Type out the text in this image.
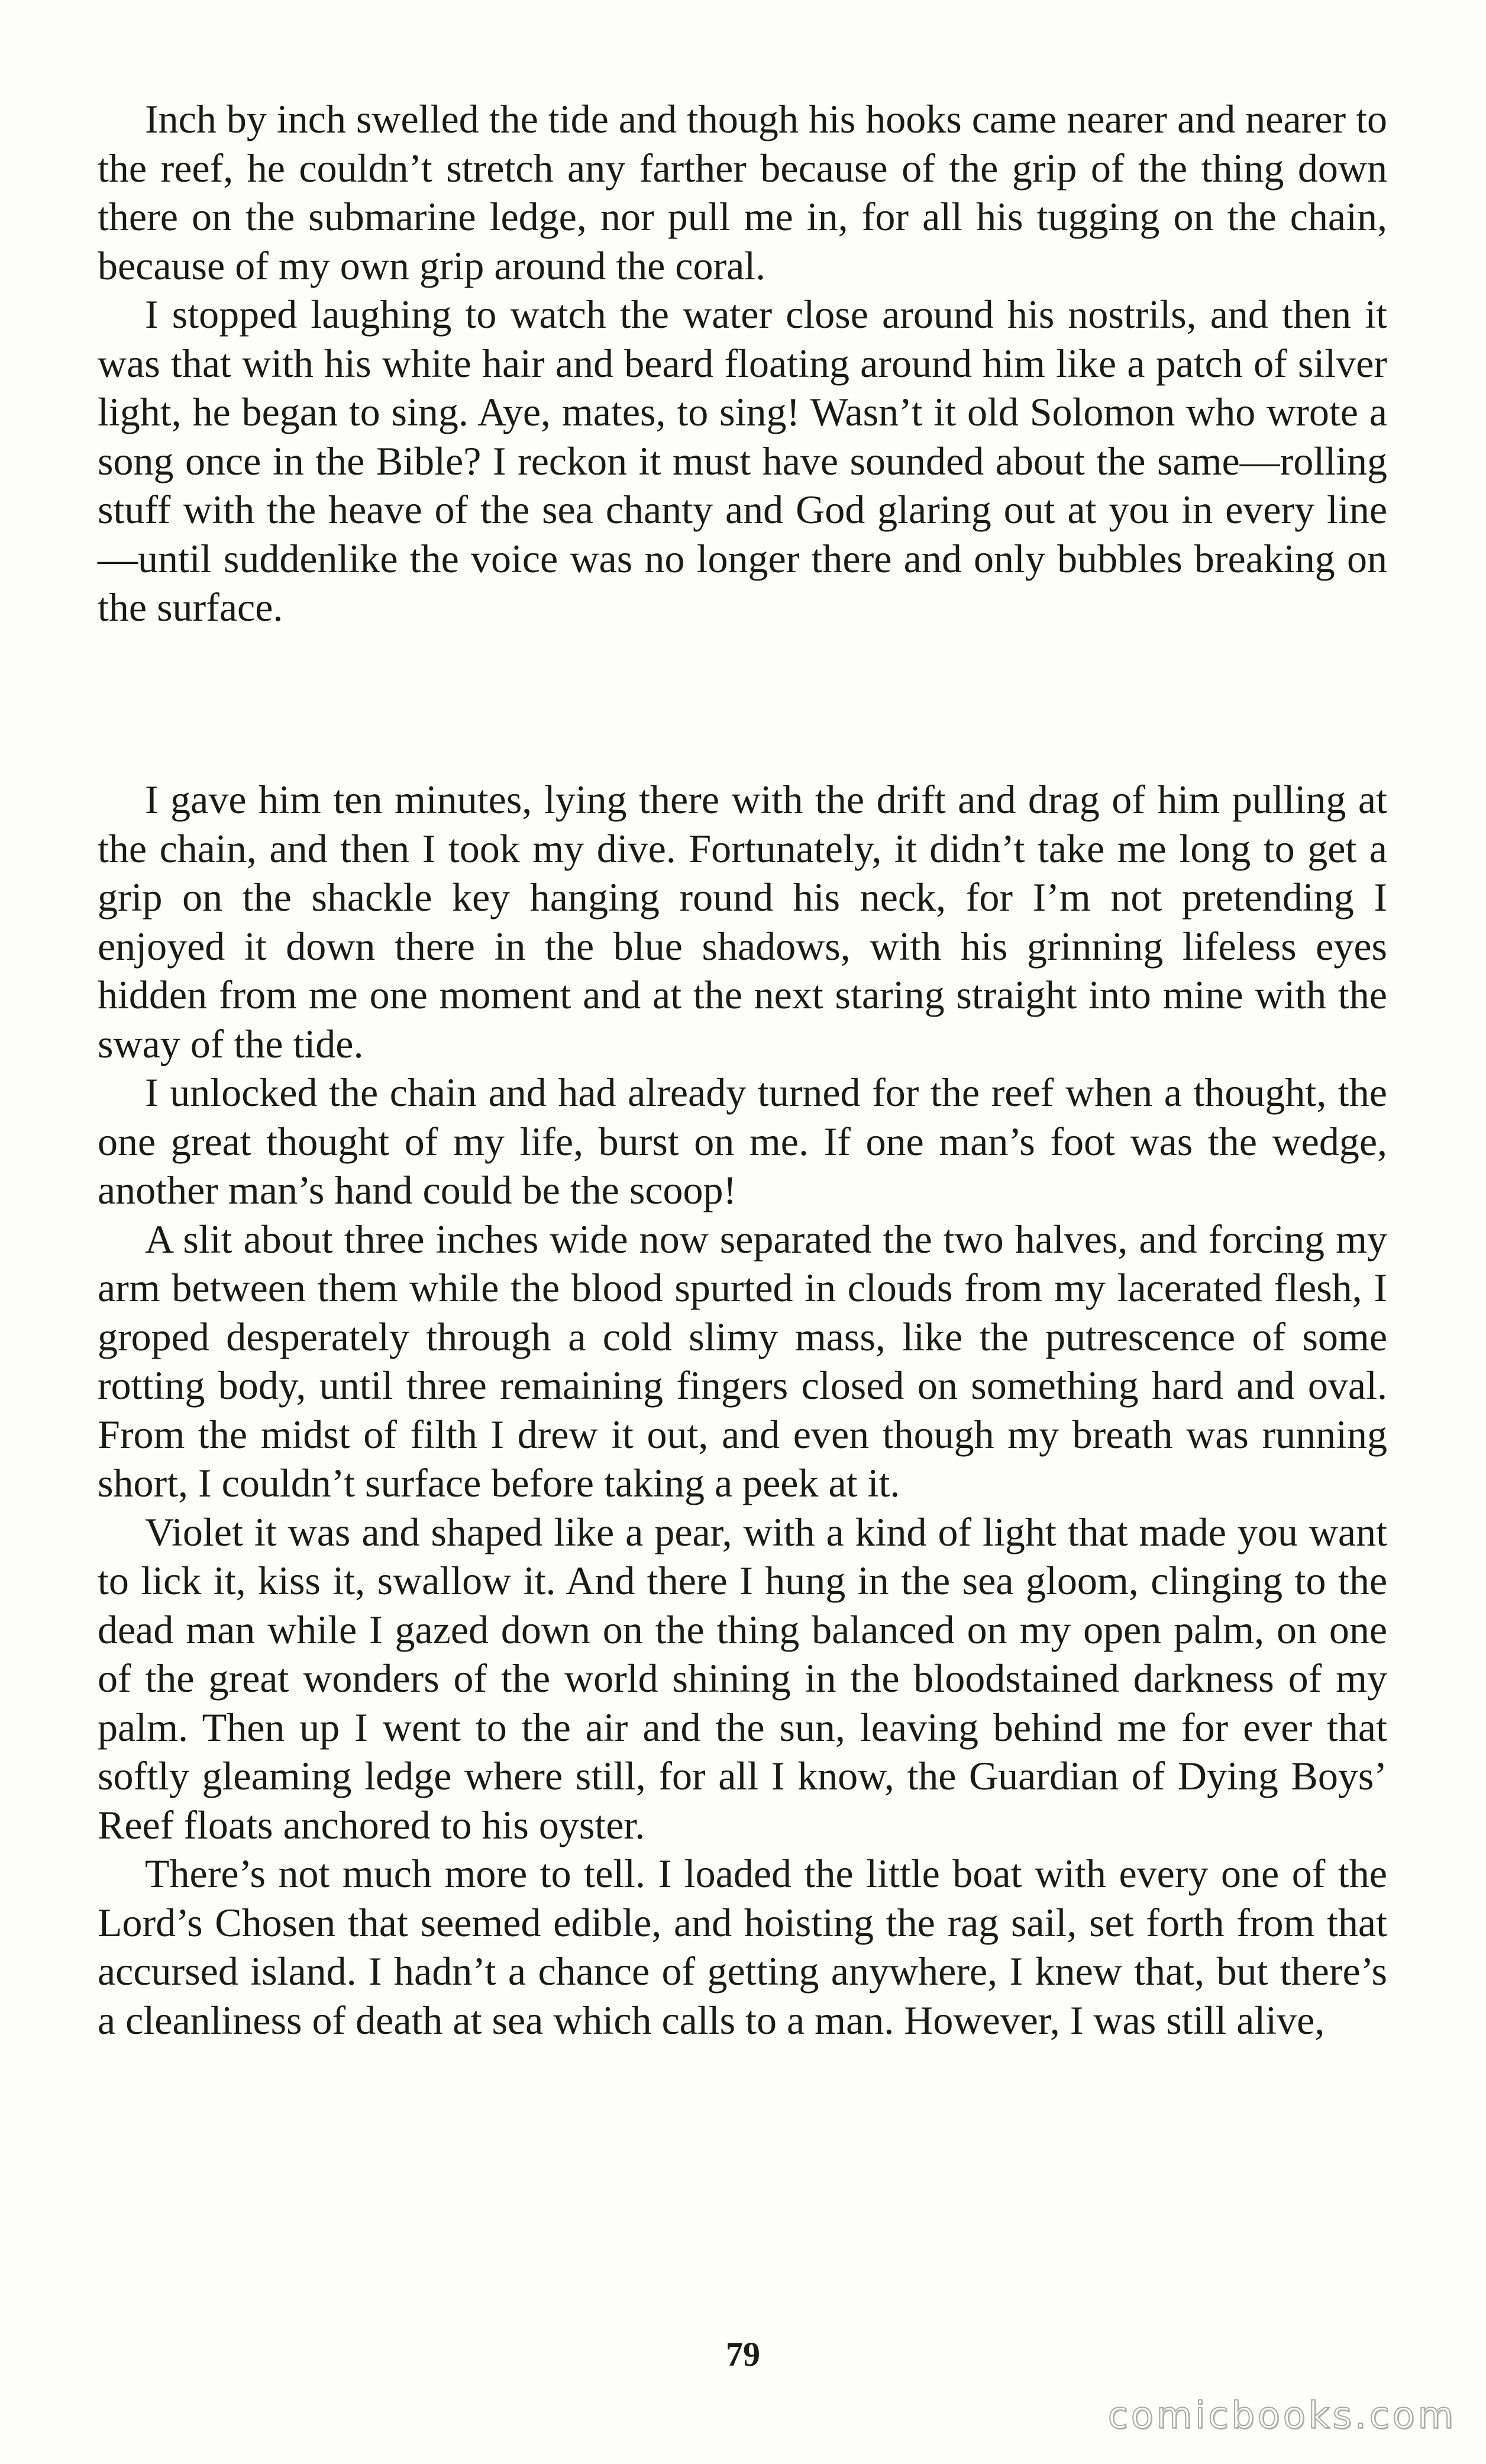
Inch by inch swelled the tide and though his hooks came nearer and nearer to the reef, he couldn’t stretch any farther because of the grip of the thing down there on the submarine ledge, nor pull me in, for all his tugging on the chain, because of my own grip around the coral.

I stopped laughing to watch the water close around his nostrils, and then it was that with his white hair and beard floating around him like a patch of silver light, he began to sing. Aye, mates, to sing! Wasn’t it old Solomon who wrote a song once in the Bible? I reckon it must have sounded about the same—rolling stuff with the heave of the sea chanty and God glaring out at you in every line—until suddenlike the voice was no longer there and only bubbles breaking on the surface.

I gave him ten minutes, lying there with the drift and drag of him pulling at the chain, and then I took my dive. Fortunately, it didn’t take me long to get a grip on the shackle key hanging round his neck, for I’m not pretending I enjoyed it down there in the blue shadows, with his grinning lifeless eyes hidden from me one moment and at the next staring straight into mine with the sway of the tide.

I unlocked the chain and had already turned for the reef when a thought, the one great thought of my life, burst on me. If one man’s foot was the wedge, another man’s hand could be the scoop!

A slit about three inches wide now separated the two halves, and forcing my arm between them while the blood spurted in clouds from my lacerated flesh, I groped desperately through a cold slimy mass, like the putrescence of some rotting body, until three remaining fingers closed on something hard and oval. From the midst of filth I drew it out, and even though my breath was running short, I couldn’t surface before taking a peek at it.

Violet it was and shaped like a pear, with a kind of light that made you want to lick it, kiss it, swallow it. And there I hung in the sea gloom, clinging to the dead man while I gazed down on the thing balanced on my open palm, on one of the great wonders of the world shining in the bloodstained darkness of my palm. Then up I went to the air and the sun, leaving behind me for ever that softly gleaming ledge where still, for all I know, the Guardian of Dying Boys’ Reef floats anchored to his oyster.

There’s not much more to tell. I loaded the little boat with every one of the Lord’s Chosen that seemed edible, and hoisting the rag sail, set forth from that accursed island. I hadn’t a chance of getting anywhere, I knew that, but there’s a cleanliness of death at sea which calls to a man. However, I was still alive,

79
comicbooks.com
